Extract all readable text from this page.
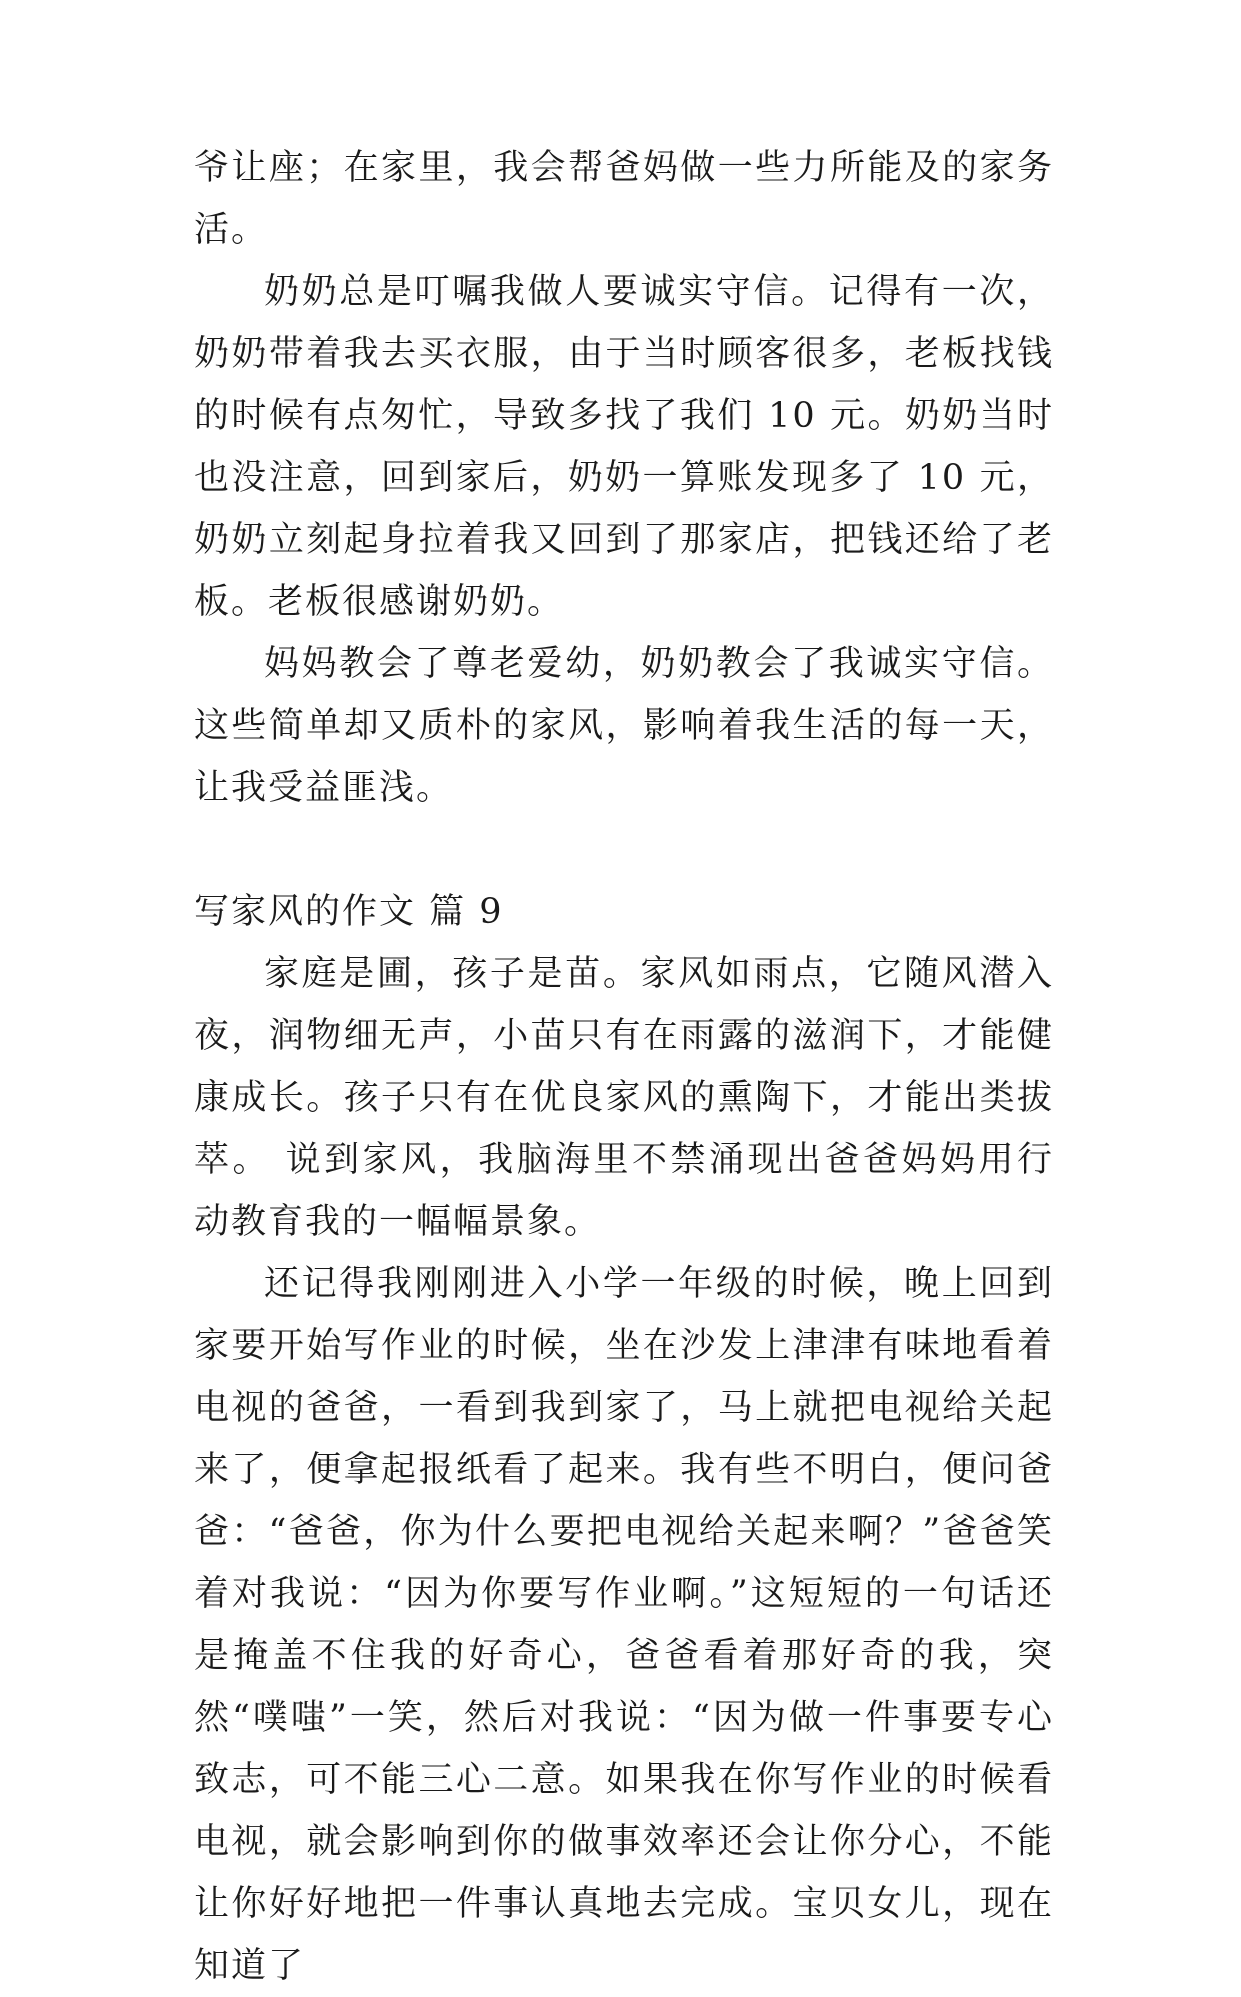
爷让座；在家里，我会帮爸妈做一些力所能及的家务活。

奶奶总是叮嘱我做人要诚实守信。记得有一次，奶奶带着我去买衣服，由于当时顾客很多，老板找钱的时候有点匆忙，导致多找了我们 10 元。奶奶当时也没注意，回到家后，奶奶一算账发现多了 10 元，奶奶立刻起身拉着我又回到了那家店，把钱还给了老板。老板很感谢奶奶。

妈妈教会了尊老爱幼，奶奶教会了我诚实守信。这些简单却又质朴的家风，影响着我生活的每一天，让我受益匪浅。

写家风的作文 篇 9

家庭是圃，孩子是苗。家风如雨点，它随风潜入夜，润物细无声，小苗只有在雨露的滋润下，才能健康成长。孩子只有在优良家风的熏陶下，才能出类拔萃。 说到家风，我脑海里不禁涌现出爸爸妈妈用行动教育我的一幅幅景象。

还记得我刚刚进入小学一年级的时候，晚上回到家要开始写作业的时候，坐在沙发上津津有味地看着电视的爸爸，一看到我到家了，马上就把电视给关起来了，便拿起报纸看了起来。我有些不明白，便问爸爸：“爸爸，你为什么要把电视给关起来啊？”爸爸笑着对我说：“因为你要写作业啊。”这短短的一句话还是掩盖不住我的好奇心，爸爸看着那好奇的我，突然“噗嗤”一笑，然后对我说：“因为做一件事要专心致志，可不能三心二意。如果我在你写作业的时候看电视，就会影响到你的做事效率还会让你分心，不能让你好好地把一件事认真地去完成。宝贝女儿，现在知道了
